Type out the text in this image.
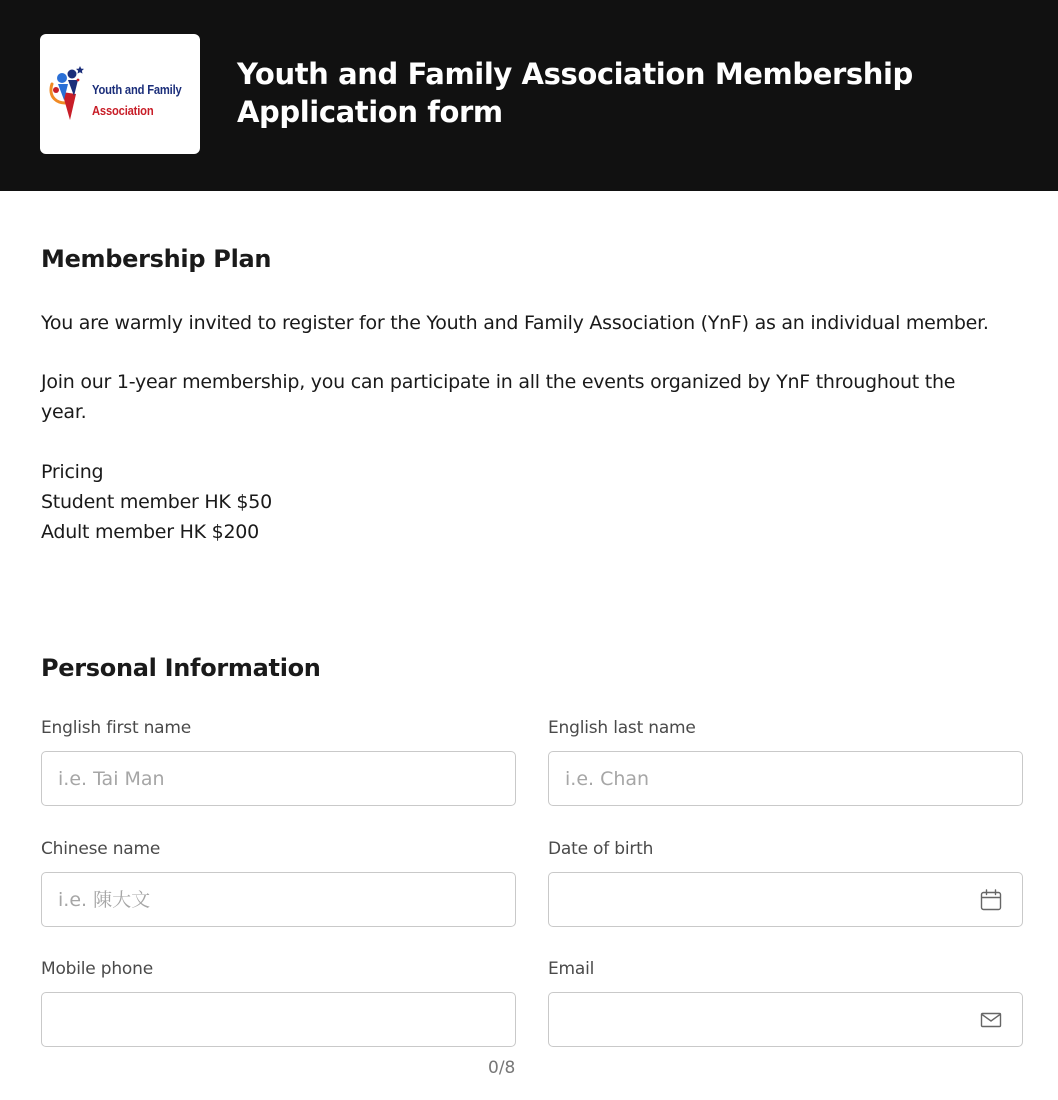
Youth and Family
Association
Youth and Family Association Membership Application form
Membership Plan
You are warmly invited to register for the Youth and Family Association (YnF) as an individual member.
Join our 1-year membership, you can participate in all the events organized by YnF throughout the year.
Pricing
Student member HK $50
Adult member HK $200
Personal Information
English first name
i.e. Tai Man	English last name
i.e. Chan
Chinese name
i.e. 陳大文	Date of birth
Mobile phone
0/8
Email
